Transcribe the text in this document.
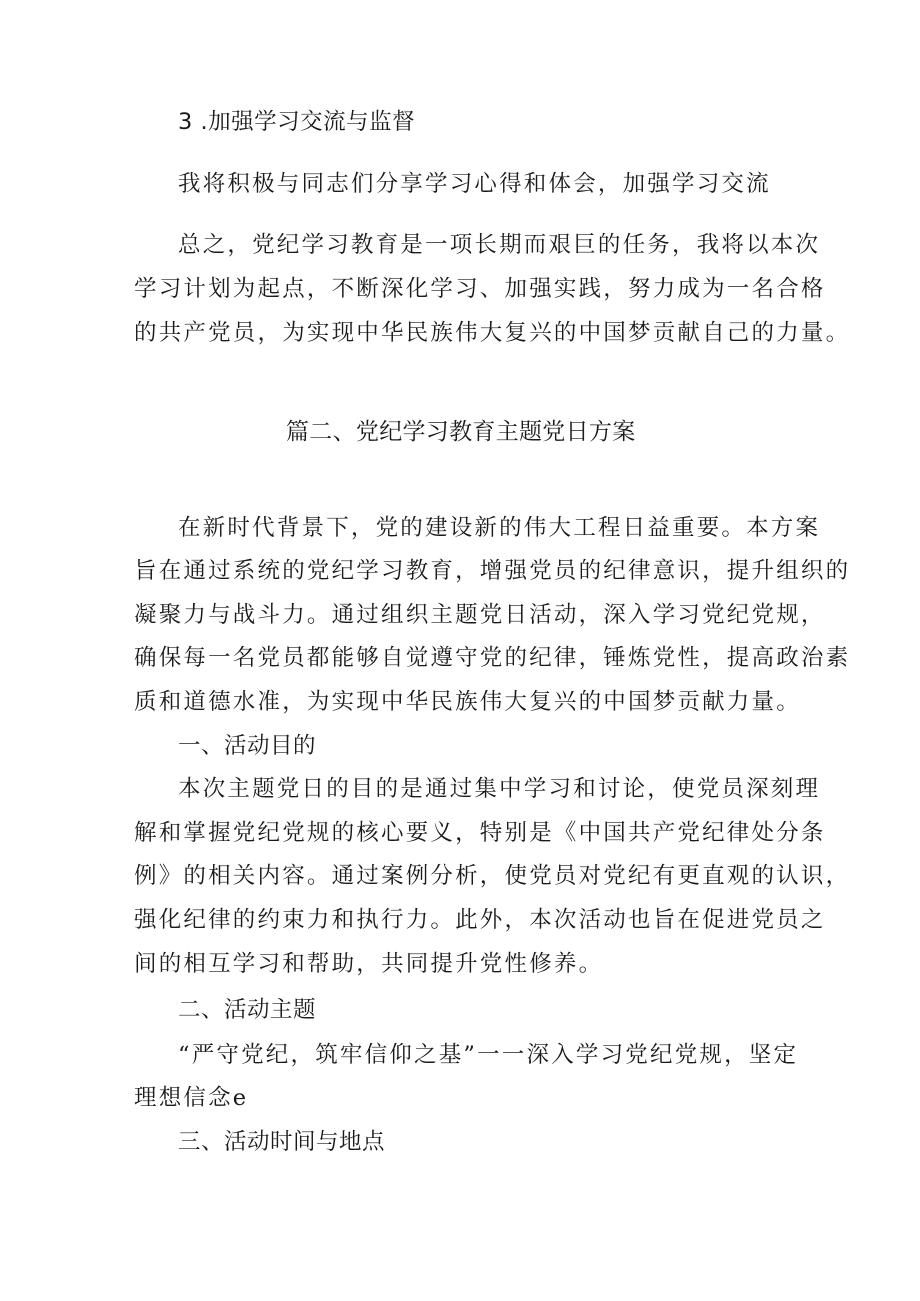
3 .加强学习交流与监督
我将积极与同志们分享学习心得和体会，加强学习交流
总之，党纪学习教育是一项长期而艰巨的任务，我将以本次
学习计划为起点，不断深化学习、加强实践，努力成为一名合格
的共产党员，为实现中华民族伟大复兴的中国梦贡献自己的力量。
篇二、党纪学习教育主题党日方案
在新时代背景下，党的建设新的伟大工程日益重要。本方案
旨在通过系统的党纪学习教育，增强党员的纪律意识，提升组织的
凝聚力与战斗力。通过组织主题党日活动，深入学习党纪党规，
确保每一名党员都能够自觉遵守党的纪律，锤炼党性，提高政治素
质和道德水准，为实现中华民族伟大复兴的中国梦贡献力量。
一、活动目的
本次主题党日的目的是通过集中学习和讨论，使党员深刻理
解和掌握党纪党规的核心要义，特别是《中国共产党纪律处分条
例》的相关内容。通过案例分析，使党员对党纪有更直观的认识，
强化纪律的约束力和执行力。此外，本次活动也旨在促进党员之
间的相互学习和帮助，共同提升党性修养。
二、活动主题
“严守党纪，筑牢信仰之基”一一深入学习党纪党规，坚定
理想信念e
三、活动时间与地点
